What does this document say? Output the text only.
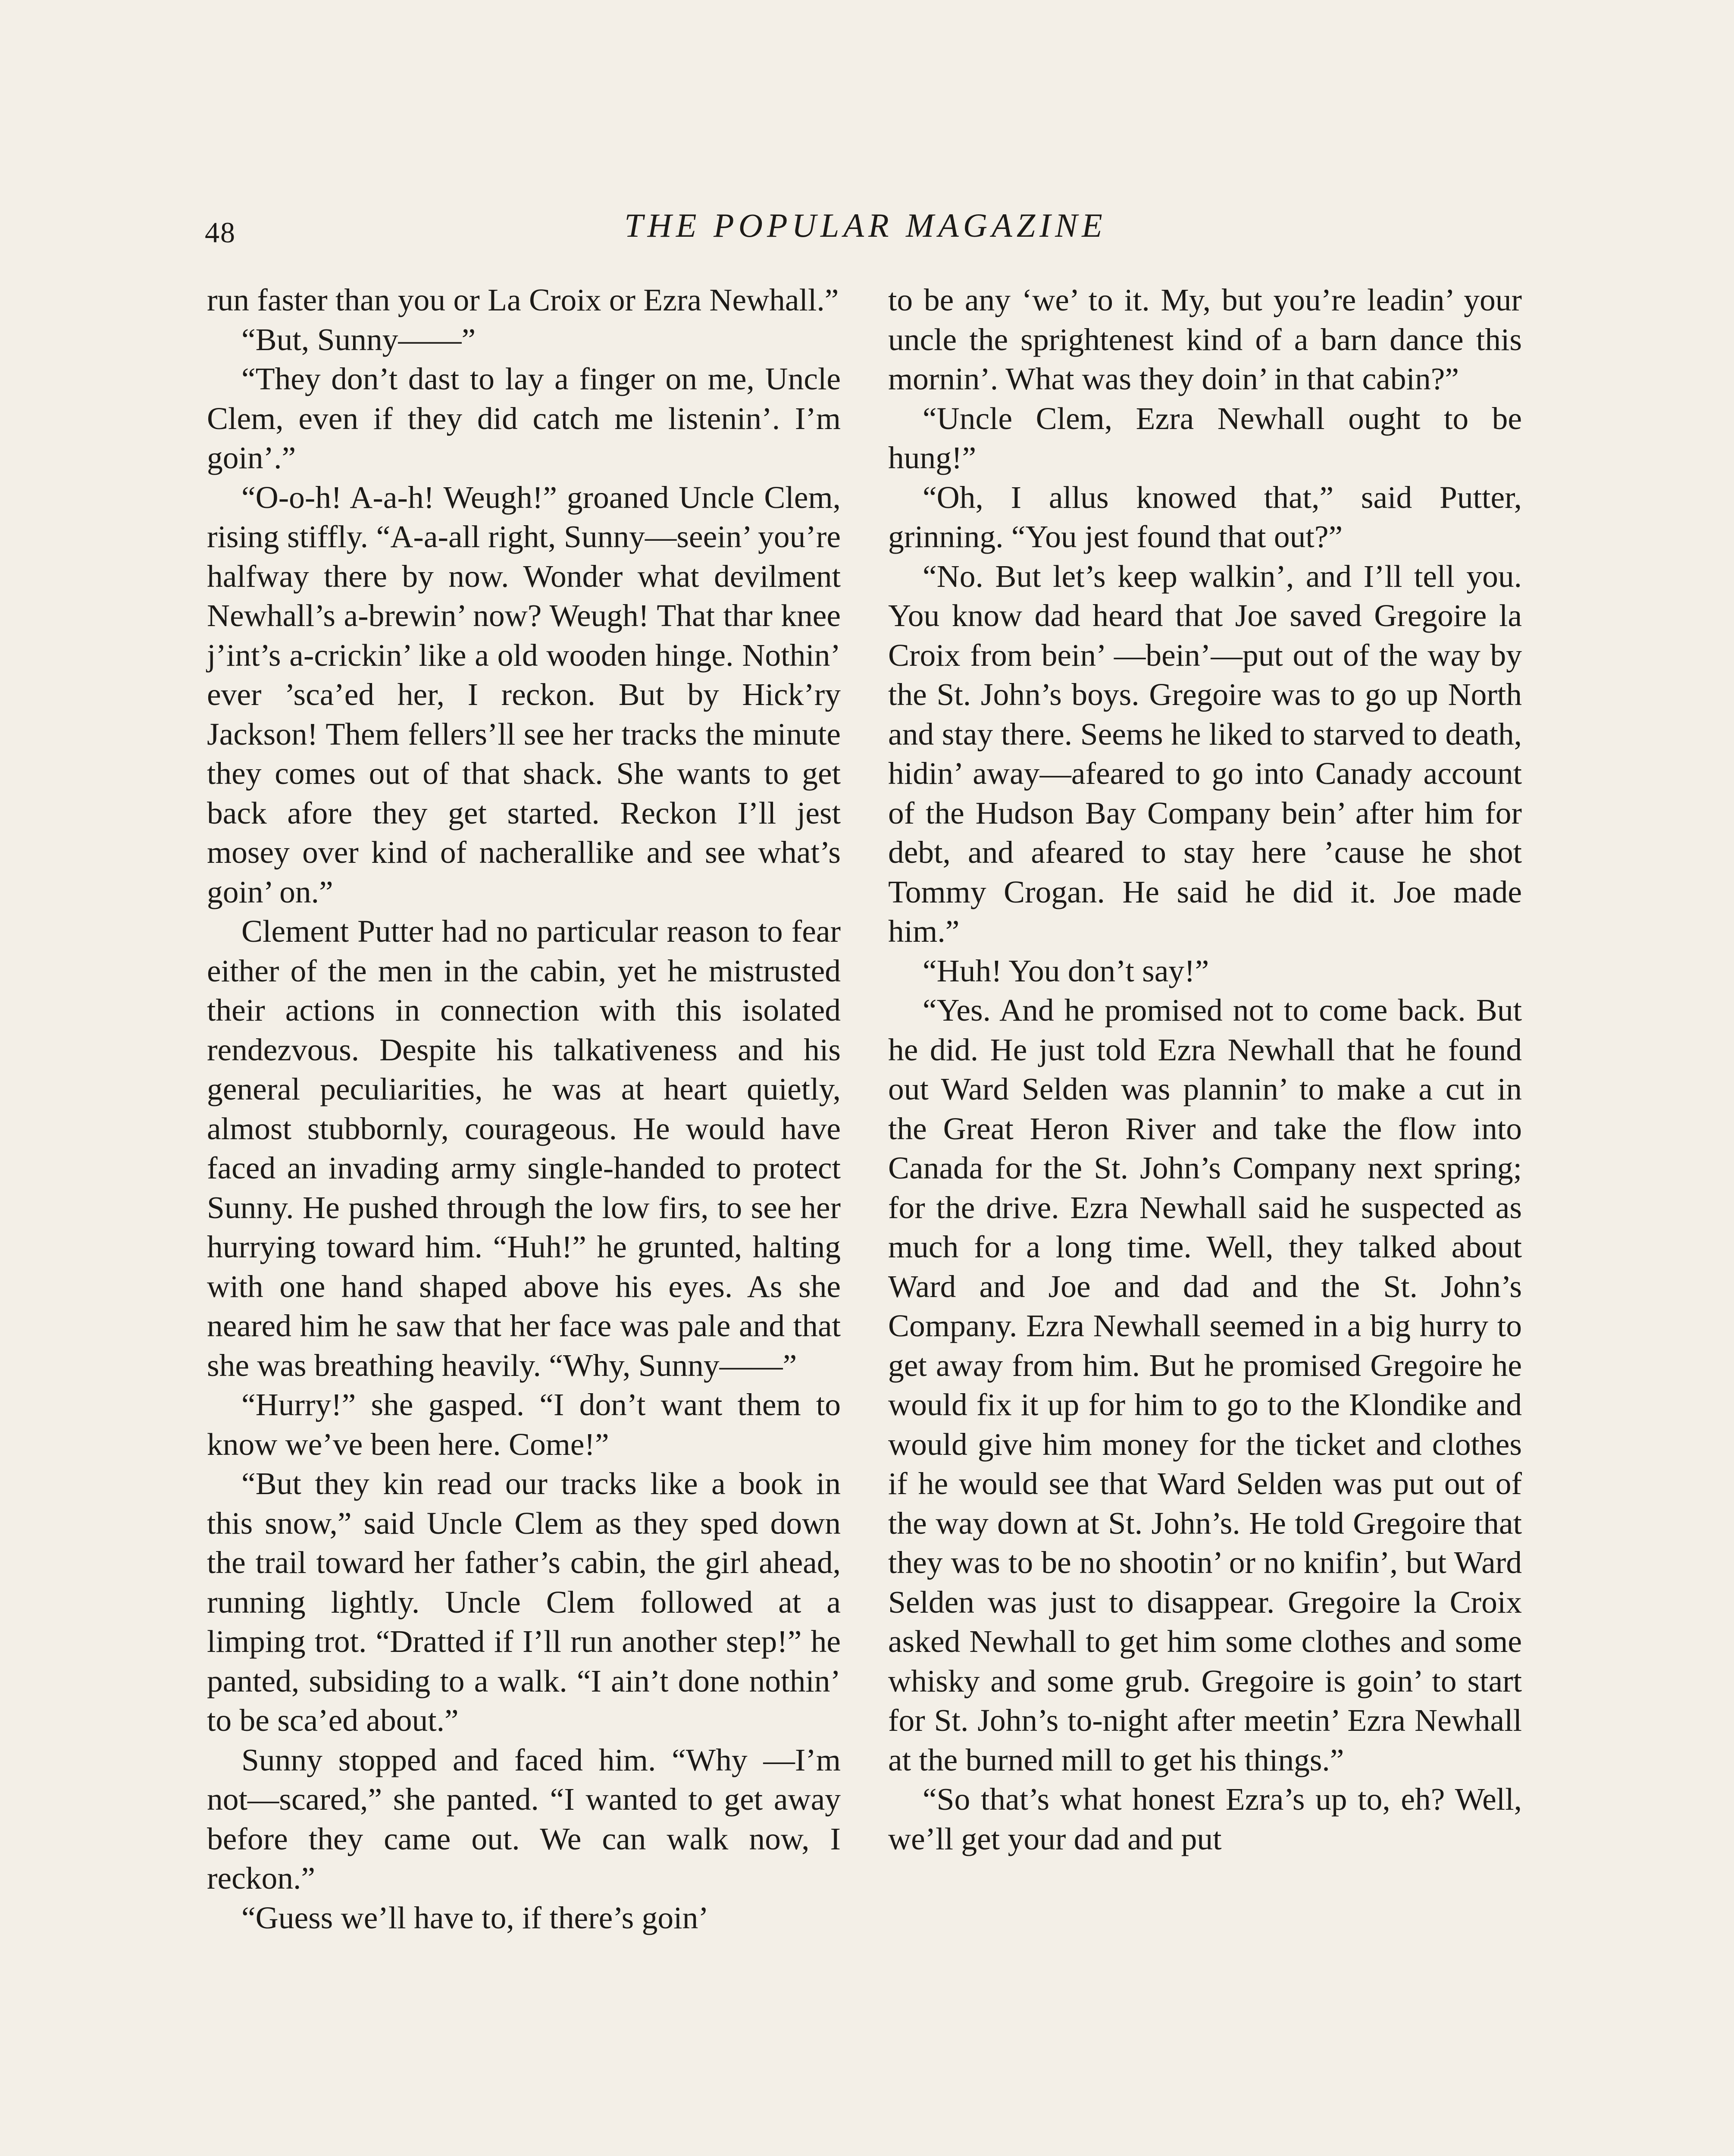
48	THE POPULAR MAGAZINE

run faster than you or La Croix or Ezra Newhall.”

“But, Sunny——”

“They don’t dast to lay a finger on me, Uncle Clem, even if they did catch me listenin’. I’m goin’.”

“O-o-h! A-a-h! Weugh!” groaned Uncle Clem, rising stiffly. “A-a-all right, Sunny—seein’ you’re halfway there by now. Wonder what devilment Newhall’s a-brewin’ now? Weugh! That thar knee j’int’s a-crickin’ like a old wooden hinge. Nothin’ ever ’sca’ed her, I reckon. But by Hick’ry Jackson! Them fellers’ll see her tracks the minute they comes out of that shack. She wants to get back afore they get started. Reckon I’ll jest mosey over kind of nacherallike and see what’s goin’ on.”

Clement Putter had no particular reason to fear either of the men in the cabin, yet he mistrusted their actions in connection with this isolated rendezvous. Despite his talkativeness and his general peculiarities, he was at heart quietly, almost stubbornly, courageous. He would have faced an invading army single-handed to protect Sunny. He pushed through the low firs, to see her hurrying toward him. “Huh!” he grunted, halting with one hand shaped above his eyes. As she neared him he saw that her face was pale and that she was breathing heavily. “Why, Sunny——”

“Hurry!” she gasped. “I don’t want them to know we’ve been here. Come!”

“But they kin read our tracks like a book in this snow,” said Uncle Clem as they sped down the trail toward her father’s cabin, the girl ahead, running lightly. Uncle Clem followed at a limping trot. “Dratted if I’ll run another step!” he panted, subsiding to a walk. “I ain’t done nothin’ to be sca’ed about.”

Sunny stopped and faced him. “Why —I’m not—scared,” she panted. “I wanted to get away before they came out. We can walk now, I reckon.”

“Guess we’ll have to, if there’s goin’

to be any ‘we’ to it. My, but you’re leadin’ your uncle the sprightenest kind of a barn dance this mornin’. What was they doin’ in that cabin?”

“Uncle Clem, Ezra Newhall ought to be hung!”

“Oh, I allus knowed that,” said Putter, grinning. “You jest found that out?”

“No. But let’s keep walkin’, and I’ll tell you. You know dad heard that Joe saved Gregoire la Croix from bein’ —bein’—put out of the way by the St. John’s boys. Gregoire was to go up North and stay there. Seems he liked to starved to death, hidin’ away—afeared to go into Canady account of the Hudson Bay Company bein’ after him for debt, and afeared to stay here ’cause he shot Tommy Crogan. He said he did it. Joe made him.”

“Huh! You don’t say!”

“Yes. And he promised not to come back. But he did. He just told Ezra Newhall that he found out Ward Selden was plannin’ to make a cut in the Great Heron River and take the flow into Canada for the St. John’s Company next spring; for the drive. Ezra Newhall said he suspected as much for a long time. Well, they talked about Ward and Joe and dad and the St. John’s Company. Ezra Newhall seemed in a big hurry to get away from him. But he promised Gregoire he would fix it up for him to go to the Klondike and would give him money for the ticket and clothes if he would see that Ward Selden was put out of the way down at St. John’s. He told Gregoire that they was to be no shootin’ or no knifin’, but Ward Selden was just to disappear. Gregoire la Croix asked Newhall to get him some clothes and some whisky and some grub. Gregoire is goin’ to start for St. John’s to-night after meetin’ Ezra Newhall at the burned mill to get his things.”

“So that’s what honest Ezra’s up to, eh? Well, we’ll get your dad and put
